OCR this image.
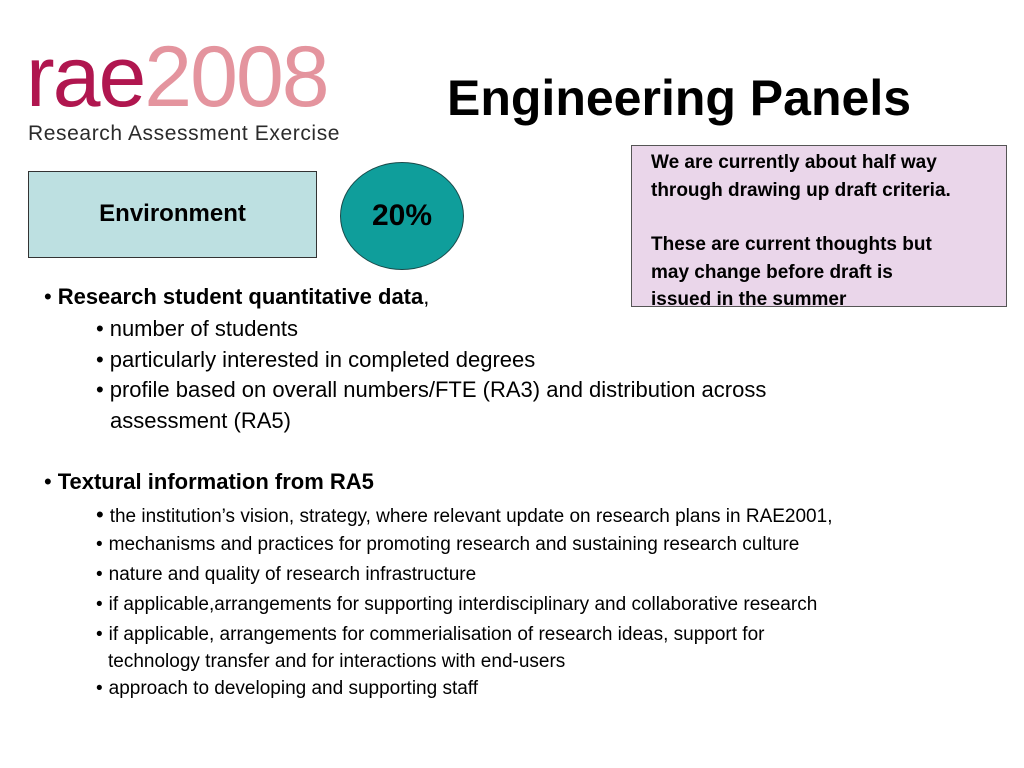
rae2008
Research Assessment Exercise
Engineering Panels
Environment	20%

We are currently about half way

through drawing up draft criteria.

These are current thoughts but

may change before draft is

issued in the summer

• Research student quantitative data,
• number of students
• particularly interested in completed degrees
• profile based on overall numbers/FTE (RA3) and distribution across
assessment (RA5)
• Textural information from RA5
• the institution’s vision, strategy, where relevant update on research plans in RAE2001,
• mechanisms and practices for promoting research and sustaining research culture
• nature and quality of research infrastructure
• if applicable,arrangements for supporting interdisciplinary and collaborative research
• if applicable, arrangements for commerialisation of research ideas, support for
technology transfer and for interactions with end-users
• approach to developing and supporting staff
